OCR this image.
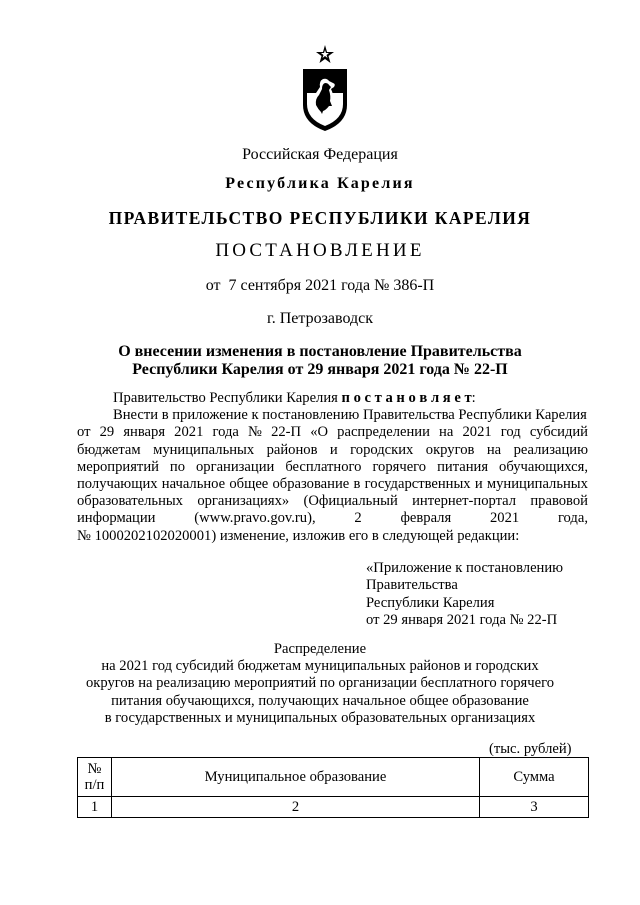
Российская Федерация
Республика Карелия
ПРАВИТЕЛЬСТВО РЕСПУБЛИКИ КАРЕЛИЯ
ПОСТАНОВЛЕНИЕ
от  7 сентября 2021 года № 386-П
г. Петрозаводск
О внесении изменения в постановление Правительства
Республики Карелия от 29 января 2021 года № 22-П
Правительство Республики Карелия п о с т а н о в л я е т:
Внести в приложение к постановлению Правительства Республики Карелия
от 29 января 2021 года № 22-П «О распределении на 2021 год субсидий
бюджетам муниципальных районов и городских округов на реализацию
мероприятий по организации бесплатного горячего питания обучающихся,
получающих начальное общее образование в государственных и муниципальных
образовательных организациях» (Официальный интернет-портал правовой
информации	(www.pravo.gov.ru),	2	февраля	2021	года,
№ 1000202102020001) изменение, изложив его в следующей редакции:
«Приложение к постановлению
Правительства
Республики Карелия
от 29 января 2021 года № 22-П
Распределение
на 2021 год субсидий бюджетам муниципальных районов и городских
округов на реализацию мероприятий по организации бесплатного горячего
питания обучающихся, получающих начальное общее образование
в государственных и муниципальных образовательных организациях
(тыс. рублей)
№
п/п	Муниципальное образование	Сумма
1	2	3
